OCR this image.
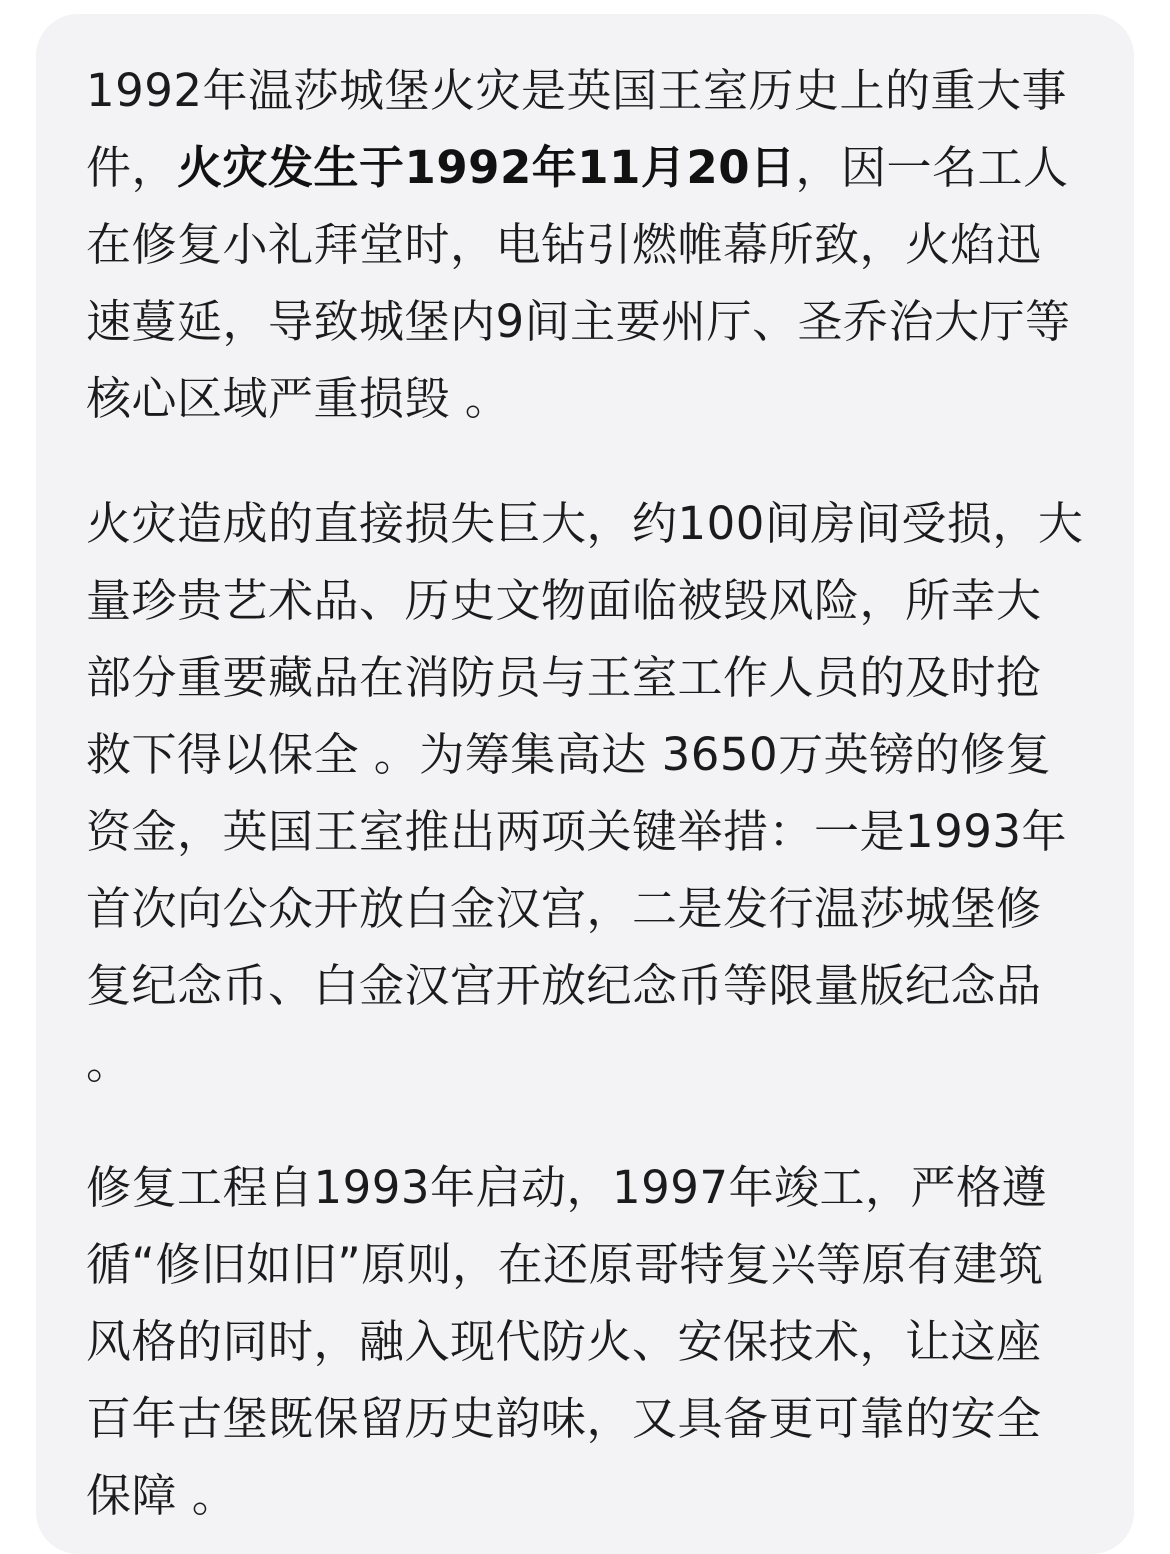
1992年温莎城堡火灾是英国王室历史上的重大事件，火灾发生于1992年11月20日，因一名工人在修复小礼拜堂时，电钻引燃帷幕所致，火焰迅速蔓延，导致城堡内9间主要州厅、圣乔治大厅等核心区域严重损毁 。

火灾造成的直接损失巨大，约100间房间受损，大量珍贵艺术品、历史文物面临被毁风险，所幸大部分重要藏品在消防员与王室工作人员的及时抢救下得以保全 。为筹集高达 3650万英镑的修复资金，英国王室推出两项关键举措：一是1993年首次向公众开放白金汉宫，二是发行温莎城堡修复纪念币、白金汉宫开放纪念币等限量版纪念品 。

修复工程自1993年启动，1997年竣工，严格遵循“修旧如旧”原则，在还原哥特复兴等原有建筑风格的同时，融入现代防火、安保技术，让这座百年古堡既保留历史韵味，又具备更可靠的安全保障 。
